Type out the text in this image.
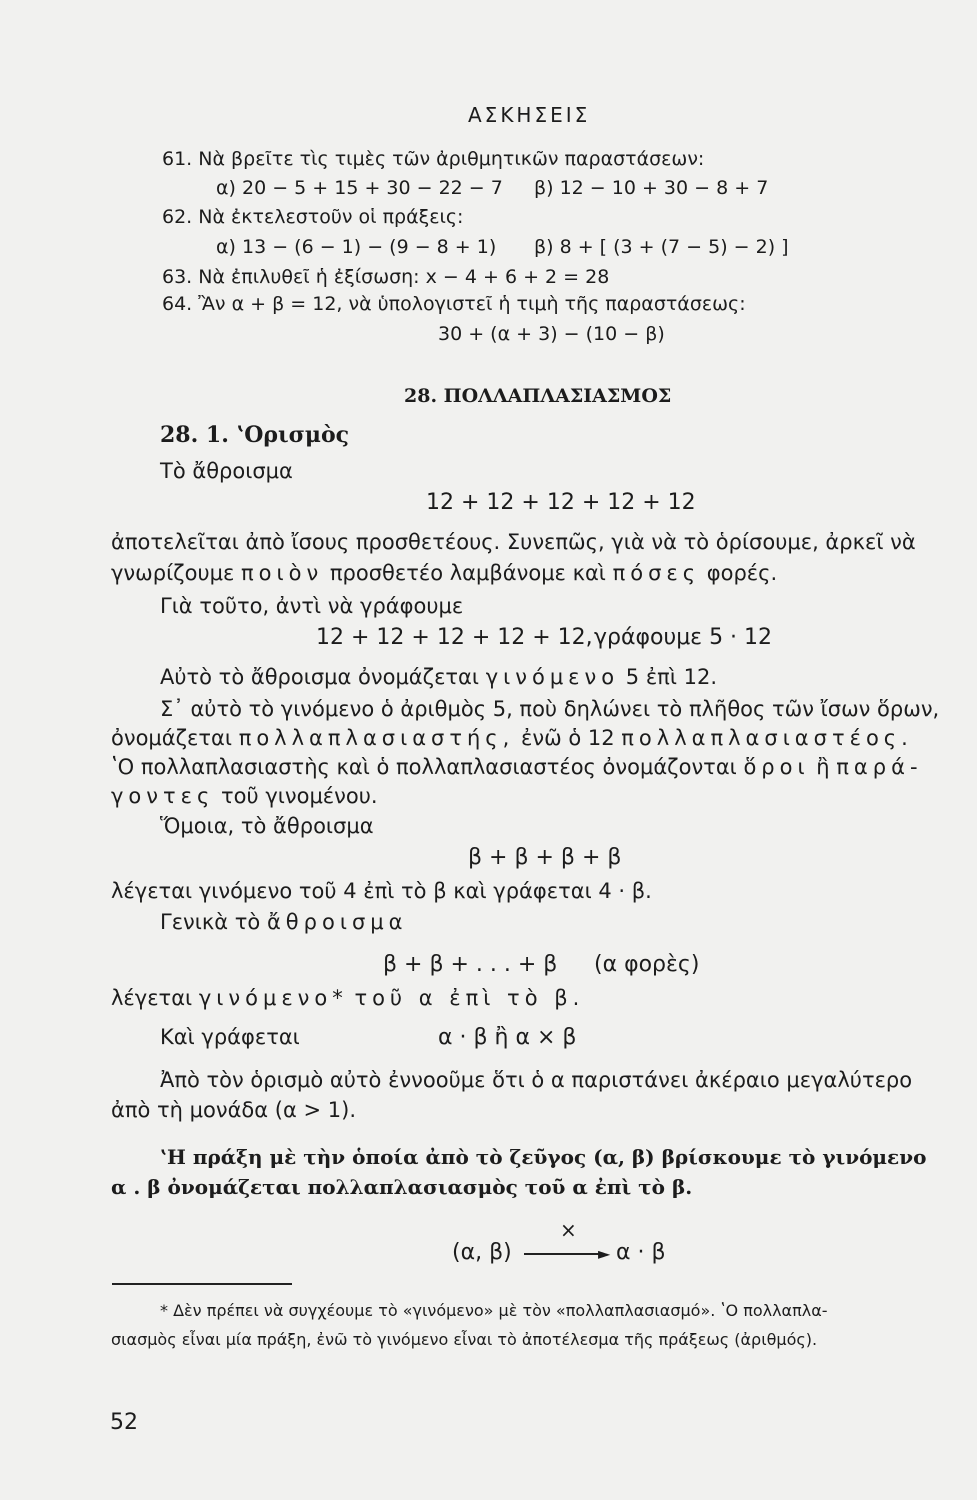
ΑΣΚΗΣΕΙΣ
61. Νὰ βρεῖτε τὶς τιμὲς τῶν ἀριθμητικῶν παραστάσεων:
α) 20 − 5 + 15 + 30 − 22 − 7 β) 12 − 10 + 30 − 8 + 7
62. Νὰ ἐκτελεστοῦν οἱ πράξεις:
α) 13 − (6 − 1) − (9 − 8 + 1) β) 8 + [ (3 + (7 − 5) − 2) ]
63. Νὰ ἐπιλυθεῖ ἡ ἐξίσωση: x − 4 + 6 + 2 = 28
64. Ἂν α + β = 12, νὰ ὑπολογιστεῖ ἡ τιμὴ τῆς παραστάσεως:
30 + (α + 3) − (10 − β)
28. ΠΟΛΛΑΠΛΑΣΙΑΣΜΟΣ
28. 1. ʽΟρισμὸς
Τὸ ἄθροισμα
12 + 12 + 12 + 12 + 12
ἀποτελεῖται ἀπὸ ἴσους προσθετέους. Συνεπῶς, γιὰ νὰ τὸ ὁρίσουμε, ἀρκεῖ νὰ
γνωρίζουμε ποιὸν προσθετέο λαμβάνομε καὶ πόσες φορές.
Γιὰ τοῦτο, ἀντὶ νὰ γράφουμε
12 + 12 + 12 + 12 + 12, γράφουμε 5 · 12
Αὐτὸ τὸ ἄθροισμα ὀνομάζεται γινόμενο 5 ἐπὶ 12.
Σ᾽ αὐτὸ τὸ γινόμενο ὁ ἀριθμὸς 5, ποὺ δηλώνει τὸ πλῆθος τῶν ἴσων ὅρων,
ὀνομάζεται πολλαπλασιαστής, ἐνῶ ὁ 12 πολλαπλασιαστέος.
ʽΟ πολλαπλασιαστὴς καὶ ὁ πολλαπλασιαστέος ὀνομάζονται ὅροι ἢ παρά-
γοντες τοῦ γινομένου.
Ὅμοια, τὸ ἄθροισμα
β + β + β + β
λέγεται γινόμενο τοῦ 4 ἐπὶ τὸ β καὶ γράφεται 4 · β.
Γενικὰ τὸ ἄθροισμα
β + β + . . . + β (α φορὲς)
λέγεται γινόμενο* τοῦ α ἐπὶ τὸ β.
Καὶ γράφεται	α · β ἢ α × β
Ἀπὸ τὸν ὁρισμὸ αὐτὸ ἐννοοῦμε ὅτι ὁ α παριστάνει ἀκέραιο μεγαλύτερο
ἀπὸ τὴ μονάδα (α > 1).
ʽΗ πράξη μὲ τὴν ὁποία ἀπὸ τὸ ζεῦγος (α, β) βρίσκουμε τὸ γινόμενο
α . β ὀνομάζεται πολλαπλασιασμὸς τοῦ α ἐπὶ τὸ β.
×
(α, β)	► α · β
* Δὲν πρέπει νὰ συγχέουμε τὸ «γινόμενο» μὲ τὸν «πολλαπλασιασμό». ʽΟ πολλαπλα-
σιασμὸς εἶναι μία πράξη, ἐνῶ τὸ γινόμενο εἶναι τὸ ἀποτέλεσμα τῆς πράξεως (ἀριθμός).
52
